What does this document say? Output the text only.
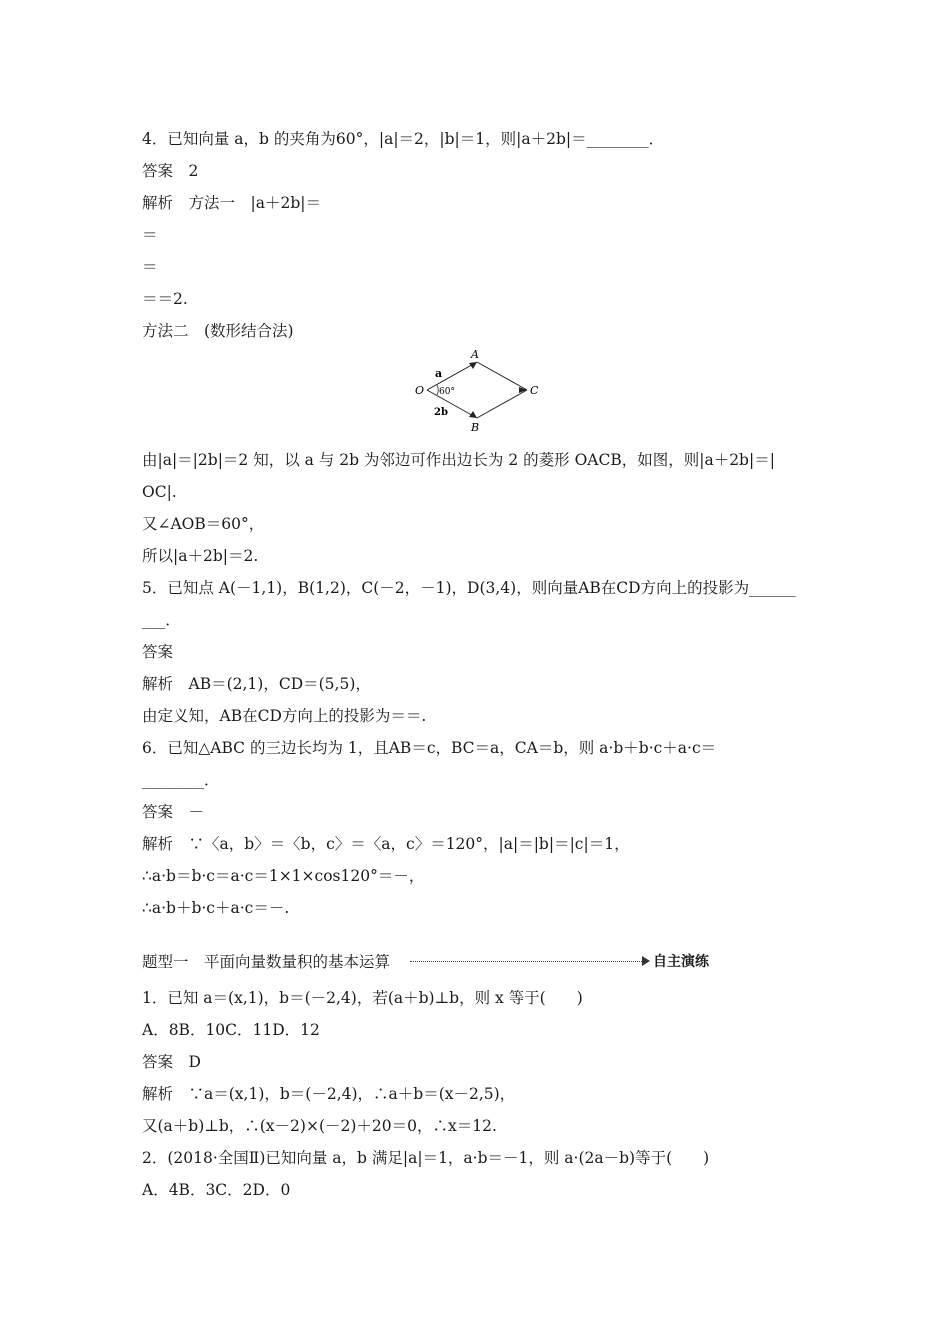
4．已知向量 a，b 的夹角为60°，|a|＝2，|b|＝1，则|a＋2b|＝________．
答案　2
解析　方法一　|a＋2b|＝
＝
＝
＝＝2.
方法二　(数形结合法)
由|a|＝|2b|＝2 知，以 a 与 2b 为邻边可作出边长为 2 的菱形 OACB，如图，则|a＋2b|＝|
OC|.
又∠AOB＝60°，
所以|a＋2b|＝2.
5．已知点 A(－1,1)，B(1,2)，C(－2，－1)，D(3,4)，则向量AB在CD方向上的投影为______
___．
答案
解析　AB＝(2,1)，CD＝(5,5)，
由定义知，AB在CD方向上的投影为＝＝.
6．已知△ABC 的三边长均为 1，且AB＝c，BC＝a，CA＝b，则 a·b＋b·c＋a·c＝
________．
答案　－
解析　∵〈a，b〉＝〈b，c〉＝〈a，c〉＝120°，|a|＝|b|＝|c|＝1，
∴a·b＝b·c＝a·c＝1×1×cos120°＝－，
∴a·b＋b·c＋a·c＝－.
1．已知 a＝(x,1)，b＝(－2,4)，若(a＋b)⊥b，则 x 等于(　　)
A．8B．10C．11D．12
答案　D
解析　∵a＝(x,1)，b＝(－2,4)，∴a＋b＝(x－2,5)，
又(a＋b)⊥b，∴(x－2)×(－2)＋20＝0，∴x＝12.
2．(2018·全国Ⅱ)已知向量 a，b 满足|a|＝1，a·b＝－1，则 a·(2a－b)等于(　　)
A．4B．3C．2D．0
O
A
B
C
a
2b
60°
题型一　平面向量数量积的基本运算	自主演练
